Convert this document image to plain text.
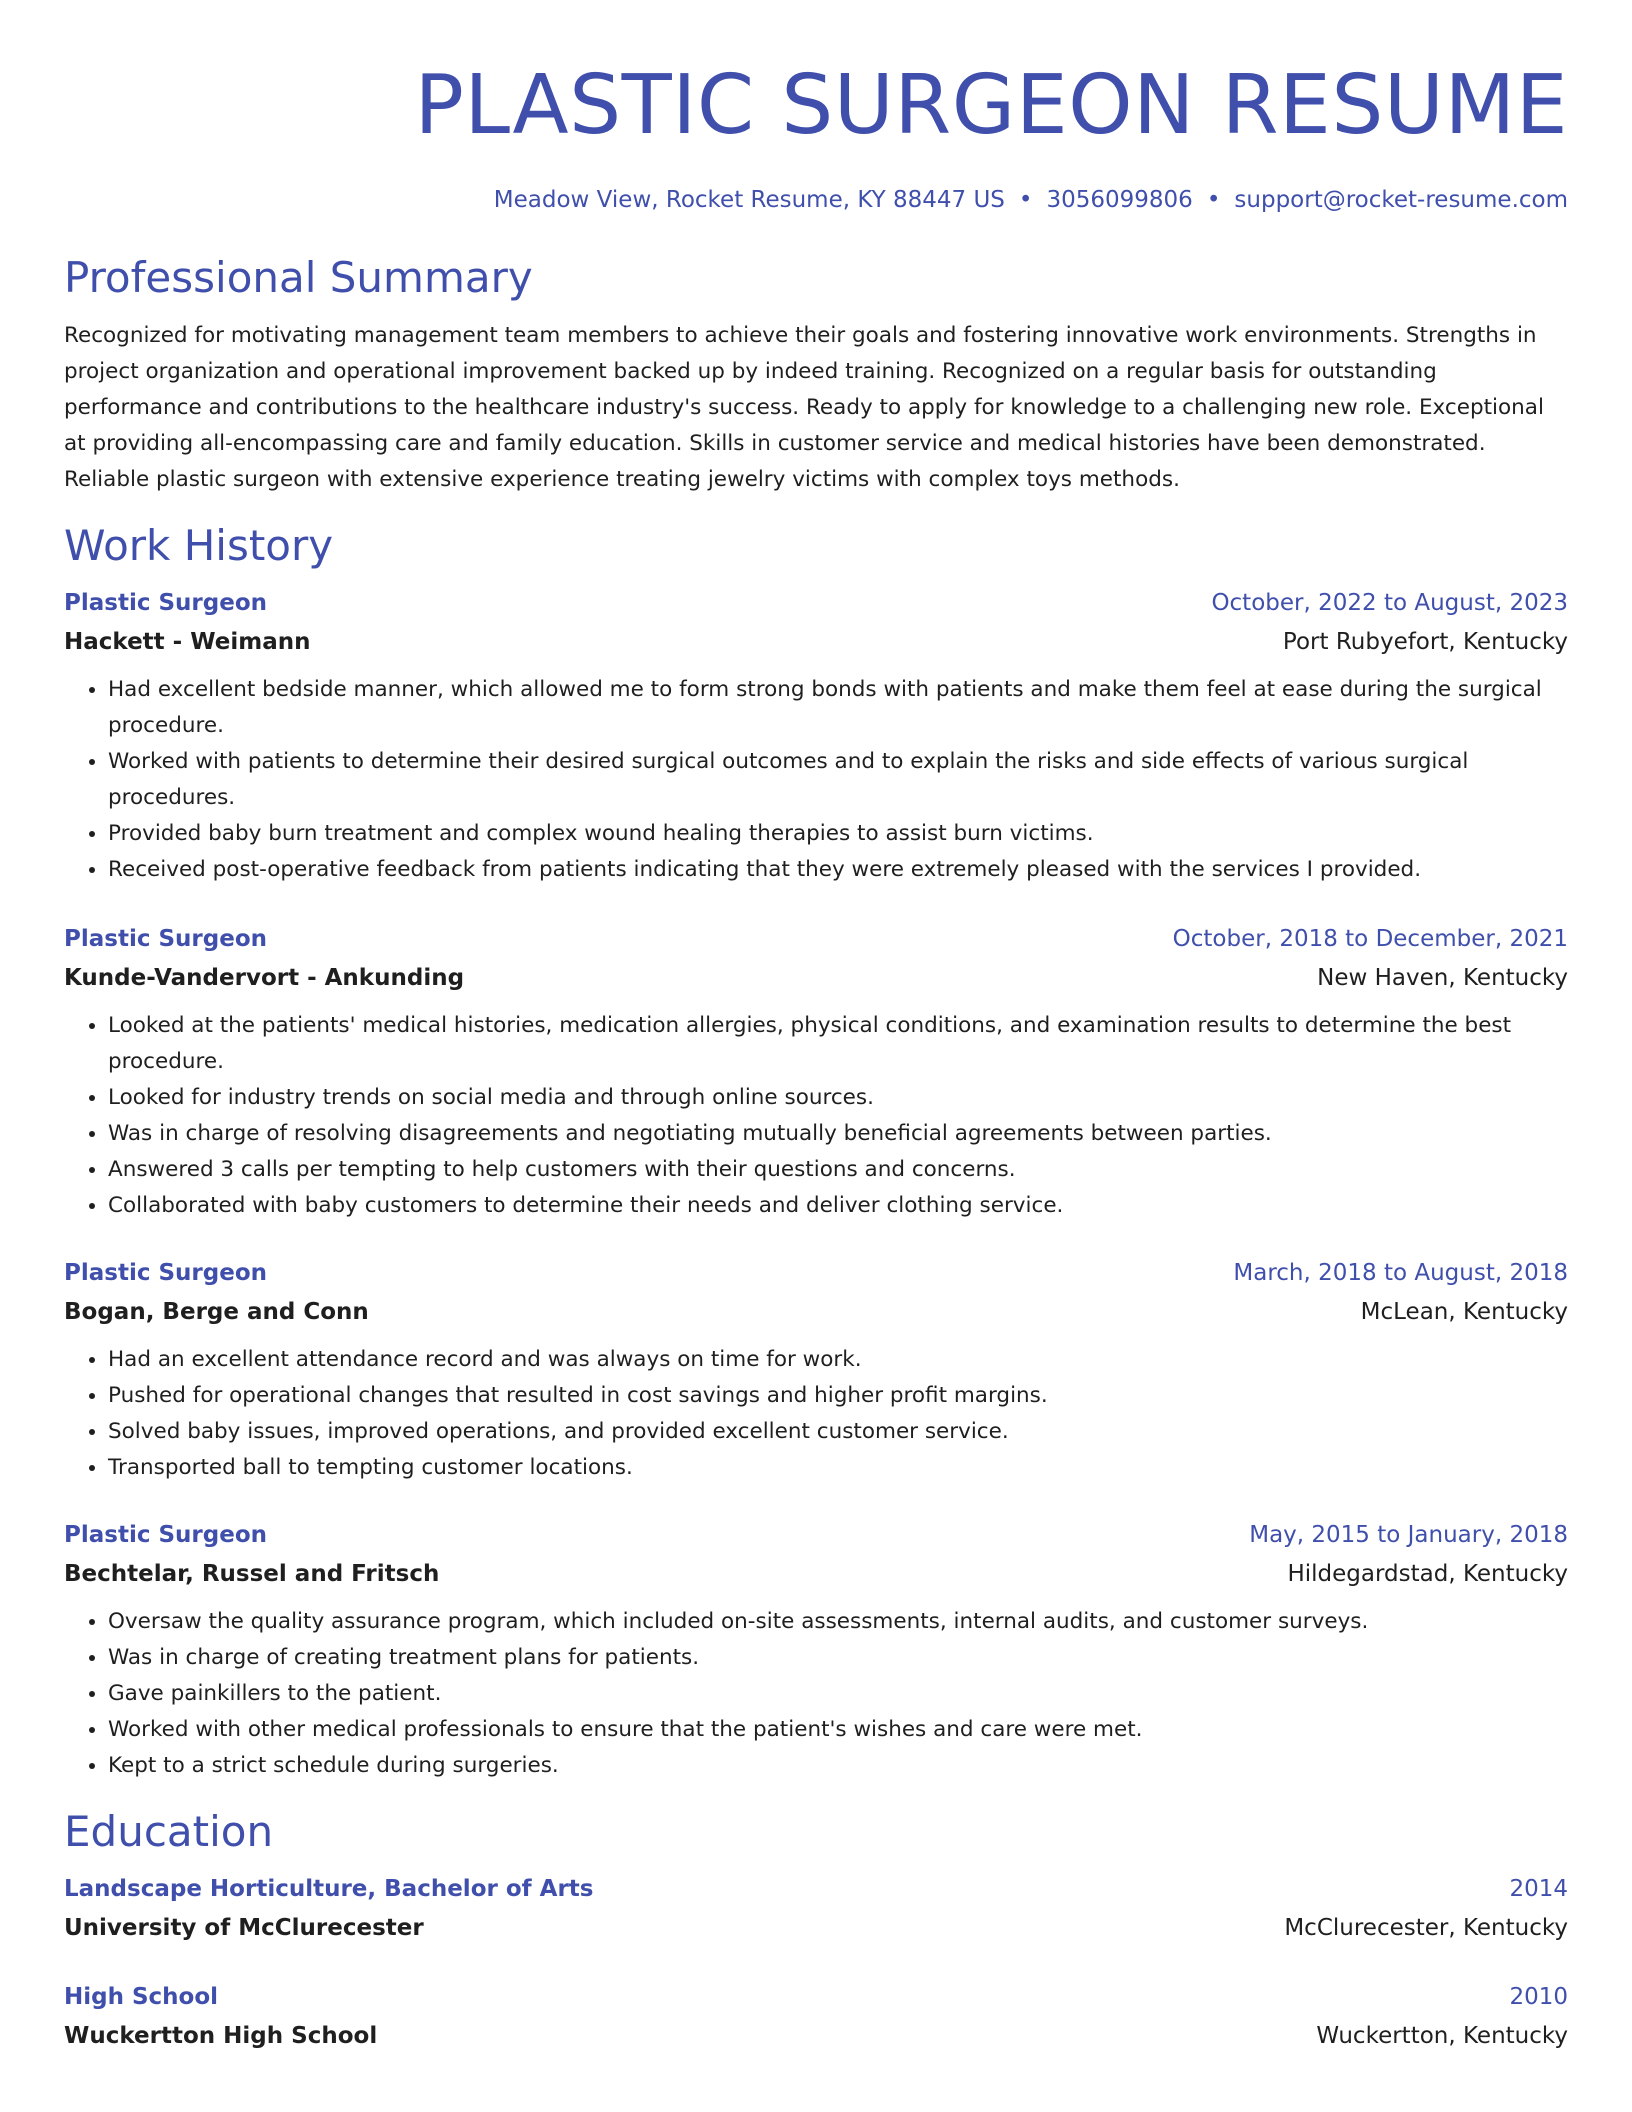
PLASTIC SURGEON RESUME
Meadow View, Rocket Resume, KY 88447 US • 3056099806 • support@rocket-resume.com
Professional Summary
Recognized for motivating management team members to achieve their goals and fostering innovative work environments. Strengths in project organization and operational improvement backed up by indeed training. Recognized on a regular basis for outstanding performance and contributions to the healthcare industry's success. Ready to apply for knowledge to a challenging new role. Exceptional at providing all-encompassing care and family education. Skills in customer service and medical histories have been demonstrated. Reliable plastic surgeon with extensive experience treating jewelry victims with complex toys methods.
Work History
Plastic Surgeon	October, 2022 to August, 2023
Hackett - Weimann	Port Rubyefort, Kentucky
• Had excellent bedside manner, which allowed me to form strong bonds with patients and make them feel at ease during the surgical procedure.
• Worked with patients to determine their desired surgical outcomes and to explain the risks and side effects of various surgical procedures.
• Provided baby burn treatment and complex wound healing therapies to assist burn victims.
• Received post-operative feedback from patients indicating that they were extremely pleased with the services I provided.
Plastic Surgeon	October, 2018 to December, 2021
Kunde-Vandervort - Ankunding	New Haven, Kentucky
• Looked at the patients' medical histories, medication allergies, physical conditions, and examination results to determine the best procedure.
• Looked for industry trends on social media and through online sources.
• Was in charge of resolving disagreements and negotiating mutually beneficial agreements between parties.
• Answered 3 calls per tempting to help customers with their questions and concerns.
• Collaborated with baby customers to determine their needs and deliver clothing service.
Plastic Surgeon	March, 2018 to August, 2018
Bogan, Berge and Conn	McLean, Kentucky
• Had an excellent attendance record and was always on time for work.
• Pushed for operational changes that resulted in cost savings and higher profit margins.
• Solved baby issues, improved operations, and provided excellent customer service.
• Transported ball to tempting customer locations.
Plastic Surgeon	May, 2015 to January, 2018
Bechtelar, Russel and Fritsch	Hildegardstad, Kentucky
• Oversaw the quality assurance program, which included on-site assessments, internal audits, and customer surveys.
• Was in charge of creating treatment plans for patients.
• Gave painkillers to the patient.
• Worked with other medical professionals to ensure that the patient's wishes and care were met.
• Kept to a strict schedule during surgeries.
Education
Landscape Horticulture, Bachelor of Arts	2014
University of McClurecester	McClurecester, Kentucky
High School	2010
Wuckertton High School	Wuckertton, Kentucky
